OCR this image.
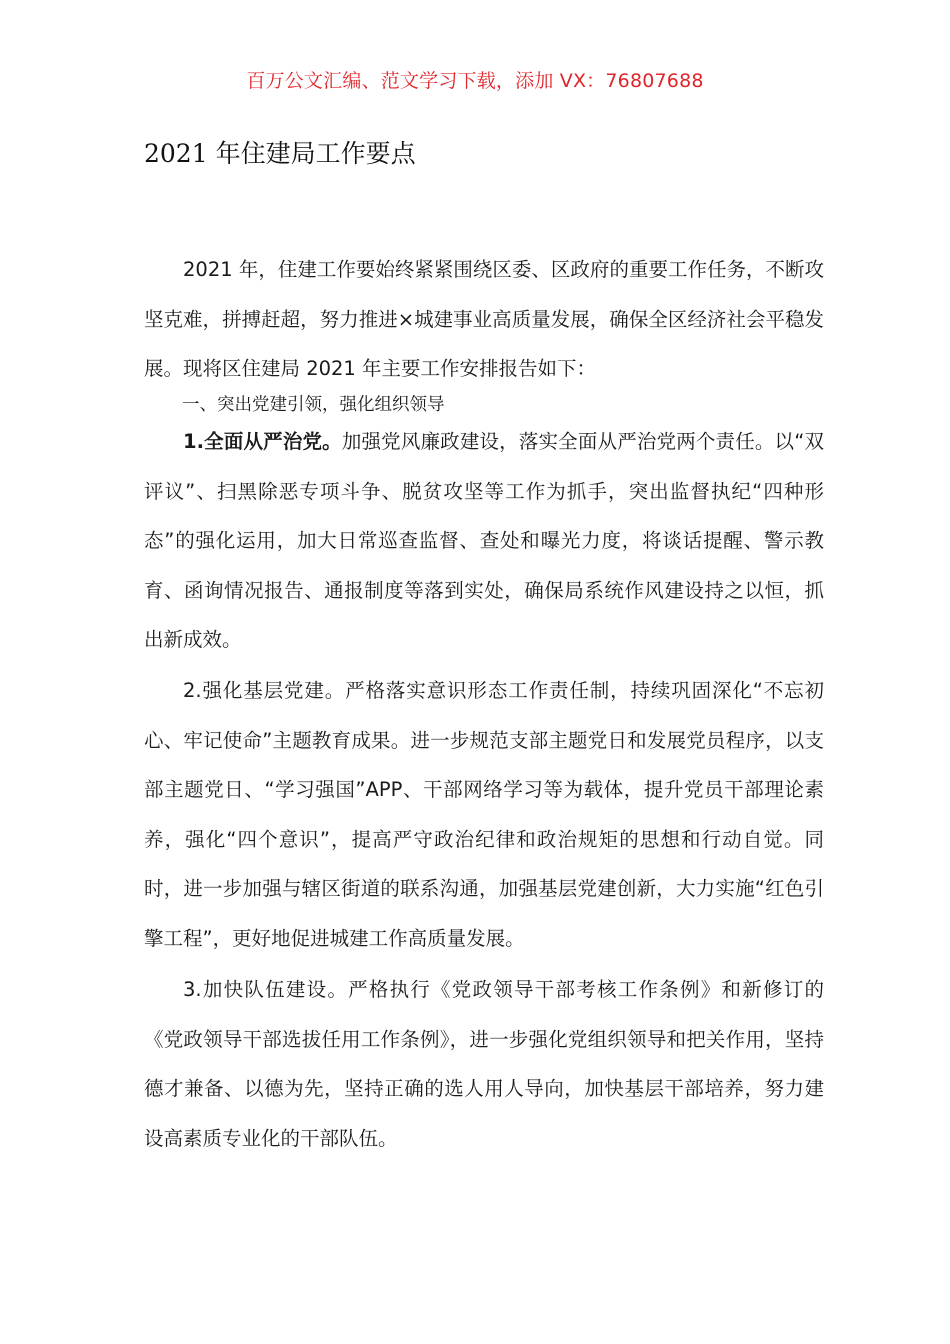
百万公文汇编、范文学习下载，添加 VX：76807688
2021 年住建局工作要点

2021 年，住建工作要始终紧紧围绕区委、区政府的重要工作任务，不断攻坚克难，拼搏赶超，努力推进×城建事业高质量发展，确保全区经济社会平稳发展。现将区住建局 2021 年主要工作安排报告如下：

一、突出党建引领，强化组织领导

1.全面从严治党。加强党风廉政建设，落实全面从严治党两个责任。以“双评议”、扫黑除恶专项斗争、脱贫攻坚等工作为抓手，突出监督执纪“四种形态”的强化运用，加大日常巡查监督、查处和曝光力度，将谈话提醒、警示教育、函询情况报告、通报制度等落到实处，确保局系统作风建设持之以恒，抓出新成效。

2.强化基层党建。严格落实意识形态工作责任制，持续巩固深化“不忘初心、牢记使命”主题教育成果。进一步规范支部主题党日和发展党员程序，以支部主题党日、“学习强国”APP、干部网络学习等为载体，提升党员干部理论素养，强化“四个意识”，提高严守政治纪律和政治规矩的思想和行动自觉。同时，进一步加强与辖区街道的联系沟通，加强基层党建创新，大力实施“红色引擎工程”，更好地促进城建工作高质量发展。

3.加快队伍建设。严格执行《党政领导干部考核工作条例》和新修订的《党政领导干部选拔任用工作条例》，进一步强化党组织领导和把关作用，坚持德才兼备、以德为先，坚持正确的选人用人导向，加快基层干部培养，努力建设高素质专业化的干部队伍。
